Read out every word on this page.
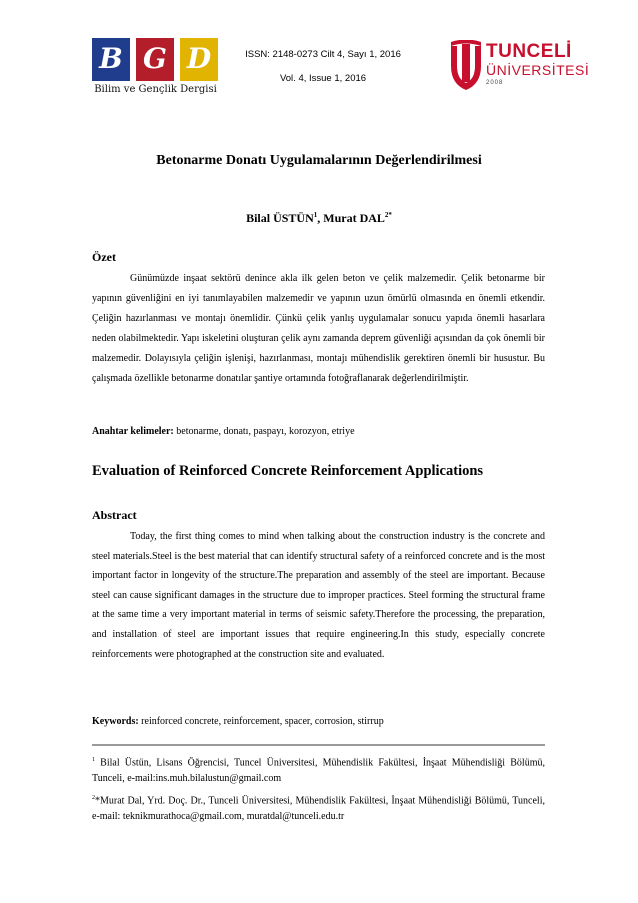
B G D
Bilim ve Gençlik Dergisi
ISSN: 2148-0273 Cilt 4, Sayı 1, 2016
Vol. 4, Issue 1, 2016
TUNCELİ
ÜNİVERSİTESİ
2008
Betonarme Donatı Uygulamalarının Değerlendirilmesi
Bilal ÜSTÜN$^1$, Murat $DAL^{2*}$
Özet
Günümüzde inşaat sektörü denince akla ilk gelen beton ve çelik malzemedir. Çelik betonarme bir yapının güvenliğini en iyi tanımlayabilen malzemedir ve yapının uzun ömürlü olmasında en önemli etkendir. Çeliğin hazırlanması ve montajı önemlidir. Çünkü çelik yanlış uygulamalar sonucu yapıda önemli hasarlara neden olabilmektedir. Yapı iskeletini oluşturan çelik aynı zamanda deprem güvenliği açısından da çok önemli bir malzemedir. Dolayısıyla çeliğin işlenişi, hazırlanması, montajı mühendislik gerektiren önemli bir husustur. Bu çalışmada özellikle betonarme donatılar şantiye ortamında fotoğraflanarak değerlendirilmiştir.
Anahtar kelimeler: betonarme, donatı, paspayı, korozyon, etriye
Evaluation of Reinforced Concrete Reinforcement Applications
Abstract
Today, the first thing comes to mind when talking about the construction industry is the concrete and steel materials.Steel is the best material that can identify structural safety of a reinforced concrete and is the most important factor in longevity of the structure.The preparation and assembly of the steel are important. Because steel can cause significant damages in the structure due to improper practices. Steel forming the structural frame at the same time a very important material in terms of seismic safety.Therefore the processing, the preparation, and installation of steel are important issues that require engineering.In this study, especially concrete reinforcements were photographed at the construction site and evaluated.
Keywords: reinforced concrete, reinforcement, spacer, corrosion, stirrup
$^1$ Bilal Üstün, Lisans Öğrencisi, Tuncel Üniversitesi, Mühendislik Fakültesi, İnşaat Mühendisliği Bölümü, Tunceli, e-mail:ins.muh.bilalustun@gmail.com
$^2$*Murat Dal, Yrd. Doç. Dr., Tunceli Üniversitesi, Mühendislik Fakültesi, İnşaat Mühendisliği Bölümü, Tunceli, e-mail: teknikmurathoca@gmail.com, muratdal@tunceli.edu.tr
